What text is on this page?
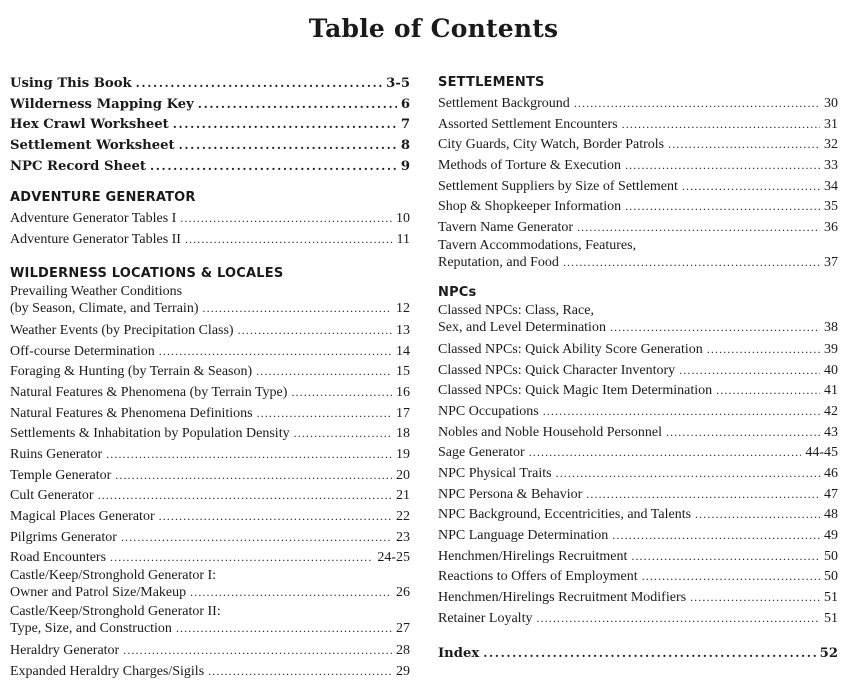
Table of Contents
Using This Book .....	3-5
Wilderness Mapping Key .....	6
Hex Crawl Worksheet .....	7
Settlement Worksheet .....	8
NPC Record Sheet .....	9
ADVENTURE GENERATOR
Adventure Generator Tables I .....	10
Adventure Generator Tables II .....	11
WILDERNESS LOCATIONS & LOCALES
Prevailing Weather Conditions
(by Season, Climate, and Terrain) .....	12
Weather Events (by Precipitation Class) .....	13
Off-course Determination .....	14
Foraging & Hunting (by Terrain & Season) .....	15
Natural Features & Phenomena (by Terrain Type) .....	16
Natural Features & Phenomena Definitions .....	17
Settlements & Inhabitation by Population Density .....	18
Ruins Generator .....	19
Temple Generator .....	20
Cult Generator .....	21
Magical Places Generator .....	22
Pilgrims Generator .....	23
Road Encounters .....	24-25
Castle/Keep/Stronghold Generator I:
Owner and Patrol Size/Makeup .....	26
Castle/Keep/Stronghold Generator II:
Type, Size, and Construction .....	27
Heraldry Generator .....	28
Expanded Heraldry Charges/Sigils .....	29
SETTLEMENTS
Settlement Background .....	30
Assorted Settlement Encounters .....	31
City Guards, City Watch, Border Patrols .....	32
Methods of Torture & Execution .....	33
Settlement Suppliers by Size of Settlement .....	34
Shop & Shopkeeper Information .....	35
Tavern Name Generator .....	36
Tavern Accommodations, Features,
Reputation, and Food .....	37
NPCs
Classed NPCs: Class, Race,
Sex, and Level Determination .....	38
Classed NPCs: Quick Ability Score Generation .....	39
Classed NPCs: Quick Character Inventory .....	40
Classed NPCs: Quick Magic Item Determination .....	41
NPC Occupations .....	42
Nobles and Noble Household Personnel .....	43
Sage Generator .....	44-45
NPC Physical Traits .....	46
NPC Persona & Behavior .....	47
NPC Background, Eccentricities, and Talents .....	48
NPC Language Determination .....	49
Henchmen/Hirelings Recruitment .....	50
Reactions to Offers of Employment .....	50
Henchmen/Hirelings Recruitment Modifiers .....	51
Retainer Loyalty .....	51
Index .....	52
